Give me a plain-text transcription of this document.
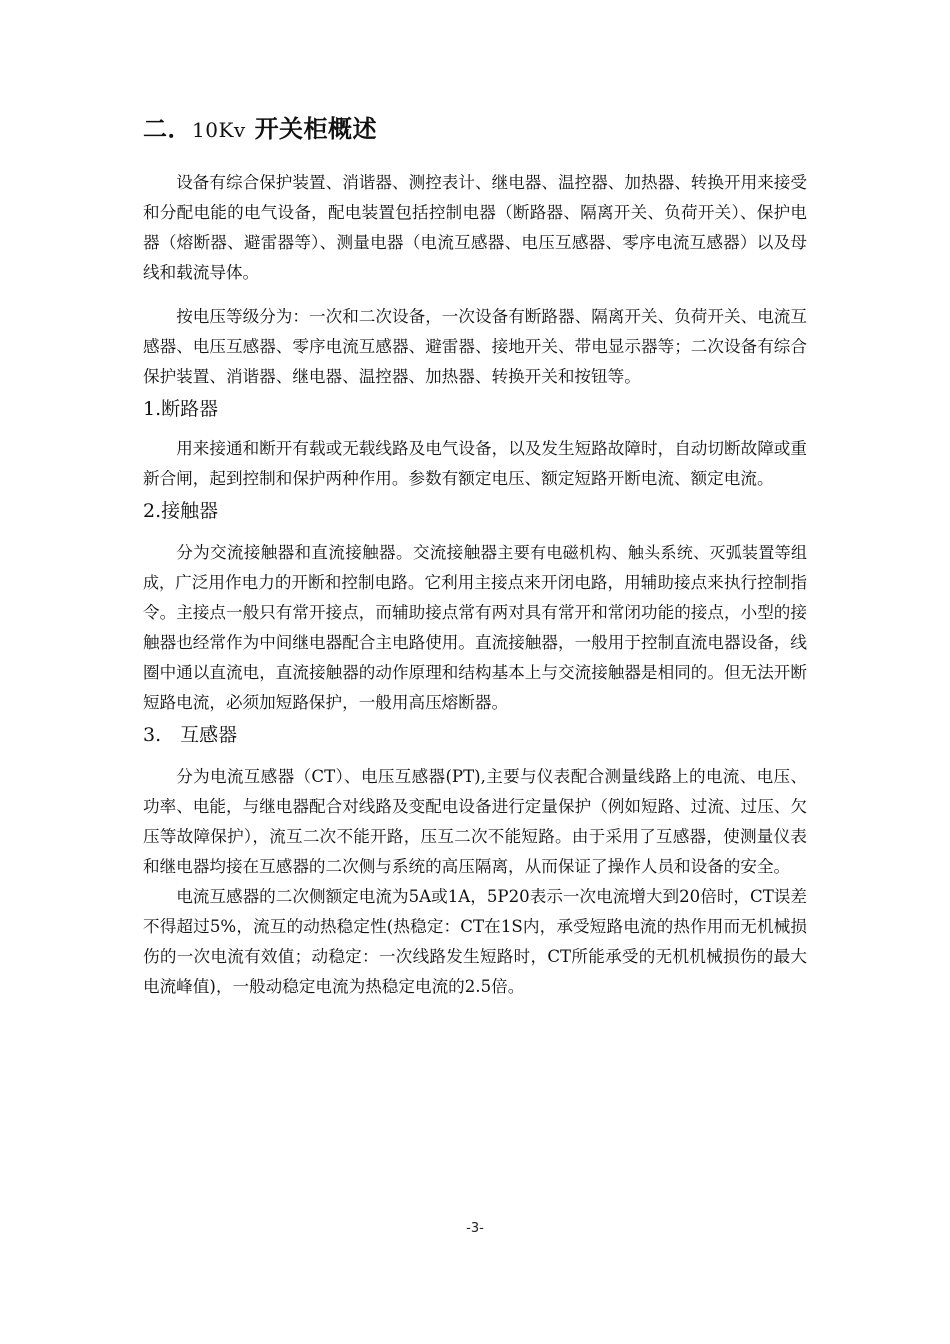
二．10Kv 开关柜概述

设备有综合保护装置、消谐器、测控表计、继电器、温控器、加热器、转换开用来接受和分配电能的电气设备，配电装置包括控制电器（断路器、隔离开关、负荷开关）、保护电器（熔断器、避雷器等）、测量电器（电流互感器、电压互感器、零序电流互感器）以及母线和载流导体。

按电压等级分为：一次和二次设备，一次设备有断路器、隔离开关、负荷开关、电流互感器、电压互感器、零序电流互感器、避雷器、接地开关、带电显示器等；二次设备有综合保护装置、消谐器、继电器、温控器、加热器、转换开关和按钮等。

1.断路器

用来接通和断开有载或无载线路及电气设备，以及发生短路故障时，自动切断故障或重新合闸，起到控制和保护两种作用。参数有额定电压、额定短路开断电流、额定电流。

2.接触器

分为交流接触器和直流接触器。交流接触器主要有电磁机构、触头系统、灭弧装置等组成，广泛用作电力的开断和控制电路。它利用主接点来开闭电路，用辅助接点来执行控制指令。主接点一般只有常开接点，而辅助接点常有两对具有常开和常闭功能的接点，小型的接触器也经常作为中间继电器配合主电路使用。直流接触器，一般用于控制直流电器设备，线圈中通以直流电，直流接触器的动作原理和结构基本上与交流接触器是相同的。但无法开断短路电流，必须加短路保护，一般用高压熔断器。

3.　互感器

分为电流互感器（CT）、电压互感器(PT),主要与仪表配合测量线路上的电流、电压、功率、电能，与继电器配合对线路及变配电设备进行定量保护（例如短路、过流、过压、欠压等故障保护），流互二次不能开路，压互二次不能短路。由于采用了互感器，使测量仪表和继电器均接在互感器的二次侧与系统的高压隔离，从而保证了操作人员和设备的安全。

电流互感器的二次侧额定电流为5A或1A，5P20表示一次电流增大到20倍时，CT误差不得超过5%，流互的动热稳定性(热稳定：CT在1S内，承受短路电流的热作用而无机械损伤的一次电流有效值；动稳定：一次线路发生短路时，CT所能承受的无机机械损伤的最大电流峰值)，一般动稳定电流为热稳定电流的2.5倍。

-3-
